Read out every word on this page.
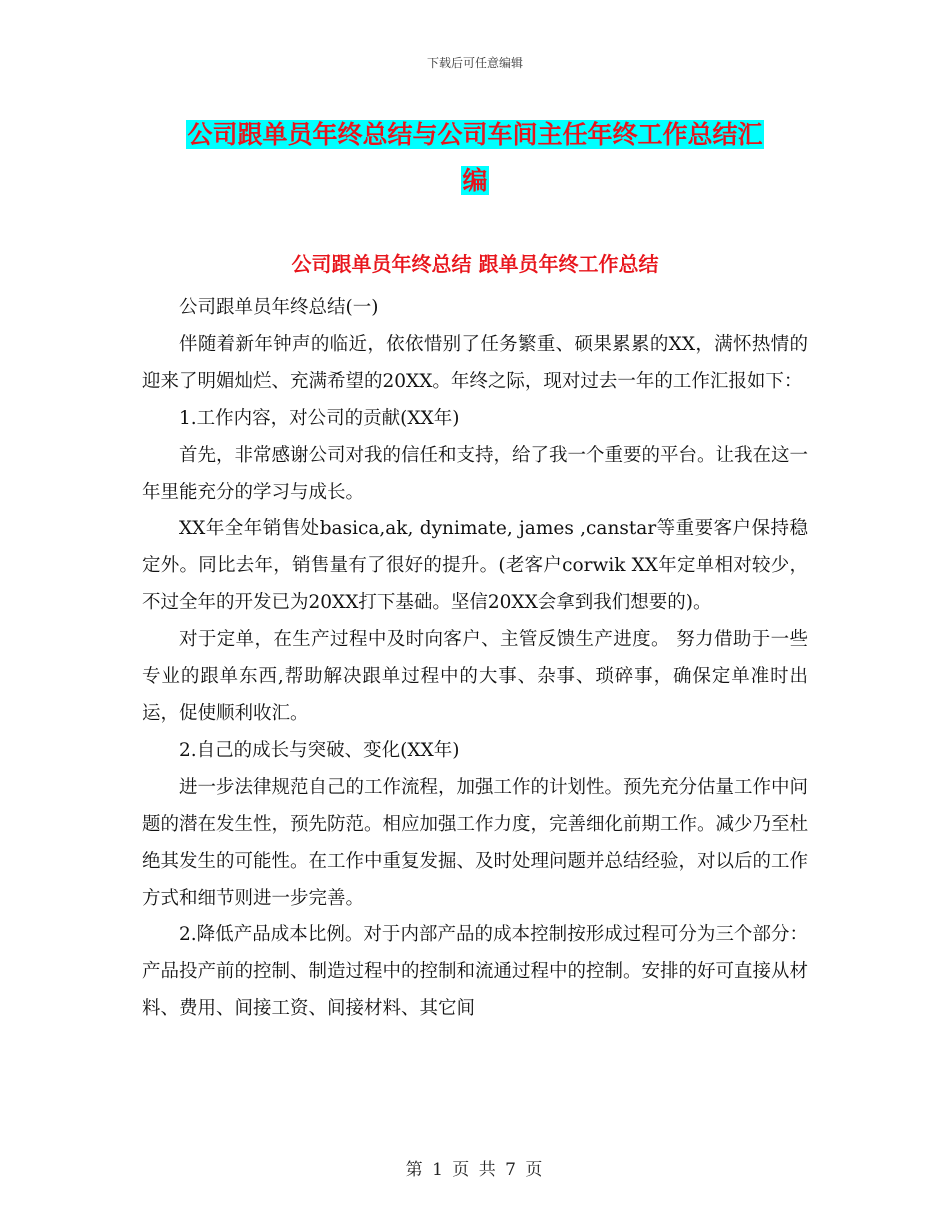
下载后可任意编辑
公司跟单员年终总结与公司车间主任年终工作总结汇
编
公司跟单员年终总结 跟单员年终工作总结

公司跟单员年终总结(一)

伴随着新年钟声的临近，依依惜别了任务繁重、硕果累累的XX，满怀热情的迎来了明媚灿烂、充满希望的20XX。年终之际，现对过去一年的工作汇报如下：

1.工作内容，对公司的贡献(XX年)

首先，非常感谢公司对我的信任和支持，给了我一个重要的平台。让我在这一年里能充分的学习与成长。

XX年全年销售处basica,ak, dynimate, james ,canstar等重要客户保持稳定外。同比去年，销售量有了很好的提升。(老客户corwik XX年定单相对较少，不过全年的开发已为20XX打下基础。坚信20XX会拿到我们想要的)。

对于定单，在生产过程中及时向客户、主管反馈生产进度。 努力借助于一些专业的跟单东西,帮助解决跟单过程中的大事、杂事、琐碎事，确保定单准时出运，促使顺利收汇。

2.自己的成长与突破、变化(XX年)

进一步法律规范自己的工作流程，加强工作的计划性。预先充分估量工作中问题的潜在发生性，预先防范。相应加强工作力度，完善细化前期工作。减少乃至杜绝其发生的可能性。在工作中重复发掘、及时处理问题并总结经验，对以后的工作方式和细节则进一步完善。

2.降低产品成本比例。对于内部产品的成本控制按形成过程可分为三个部分：产品投产前的控制、制造过程中的控制和流通过程中的控制。安排的好可直接从材料、费用、间接工资、间接材料、其它间

第 1 页 共 7 页
